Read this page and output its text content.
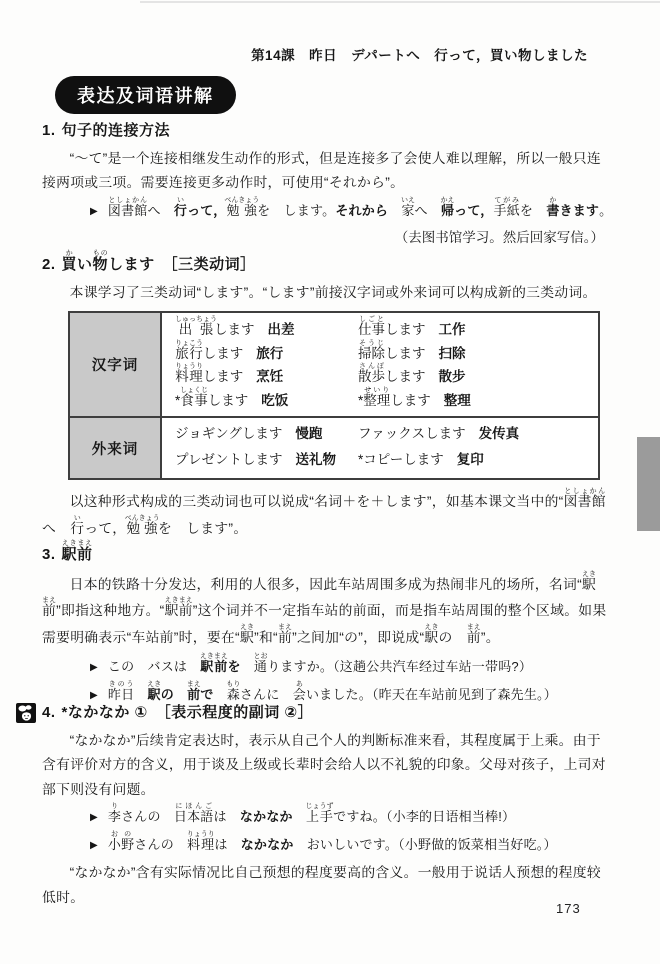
第14課　昨日　デパートへ　行って，買い物しました
表达及词语讲解
1. 句子的连接方法

“～て”是一个连接相继发生动作的形式，但是连接多了会使人难以理解，所以一般只连接两项或三项。需要连接更多动作时，可使用“それから”。

▶ 図書館としょかんへ　行いって，勉強べんきょうを　します。それから　 家いえへ　帰かえって，手紙てがみを　書かきます。
（去图书馆学习。然后回家写信。）
2. 買かい物ものします　［三类动词］

本课学习了三类动词“します”。“します”前接汉字词或外来词可以构成新的三类动词。

汉字词
出張しゅっちょうします 出差	仕事しごとします 工作
旅行りょこうします 旅行	掃除そうじします 扫除
料理りょうりします 烹饪	散歩さんぽします 散步
*食事しょくじします 吃饭	*整理せいりします 整理
外来词
ジョギングします 慢跑	ファックスします 发传真
プレゼントします 送礼物	*コピーします 复印

以这种形式构成的三类动词也可以说成“名词＋を＋します”，如基本课文当中的“図書館としょかんへ　行いって，勉強べんきょうを　します”。

3. 駅前えきまえ

日本的铁路十分发达，利用的人很多，因此车站周围多成为热闹非凡的场所，名词“駅えき前まえ”即指这种地方。“駅前えきまえ”这个词并不一定指车站的前面，而是指车站周围的整个区域。如果需要明确表示“车站前”时，要在“駅えき”和“前まえ”之间加“の”，即说成“駅えきの　前まえ”。

▶ この　バスは　駅前えきまえを　 通とおりますか。（这趟公共汽车经过车站一带吗?）
▶ 昨日きのう　駅えきの　前まえで　 森もりさんに　会あいました。（昨天在车站前见到了森先生。）
4. *なかなか ①　［表示程度的副词 ②］

“なかなか”后续肯定表达时，表示从自己个人的判断标准来看，其程度属于上乘。由于含有评价对方的含义，用于谈及上级或长辈时会给人以不礼貌的印象。父母对孩子，上司对部下则没有问题。

▶ 李りさんの　日本語にほんごは　なかなか　 上手じょうずですね。（小李的日语相当棒!）
▶ 小野おのさんの　料理りょうりは　なかなか　おいしいです。（小野做的饭菜相当好吃。）

“なかなか”含有实际情况比自己预想的程度要高的含义。一般用于说话人预想的程度较低时。

173
